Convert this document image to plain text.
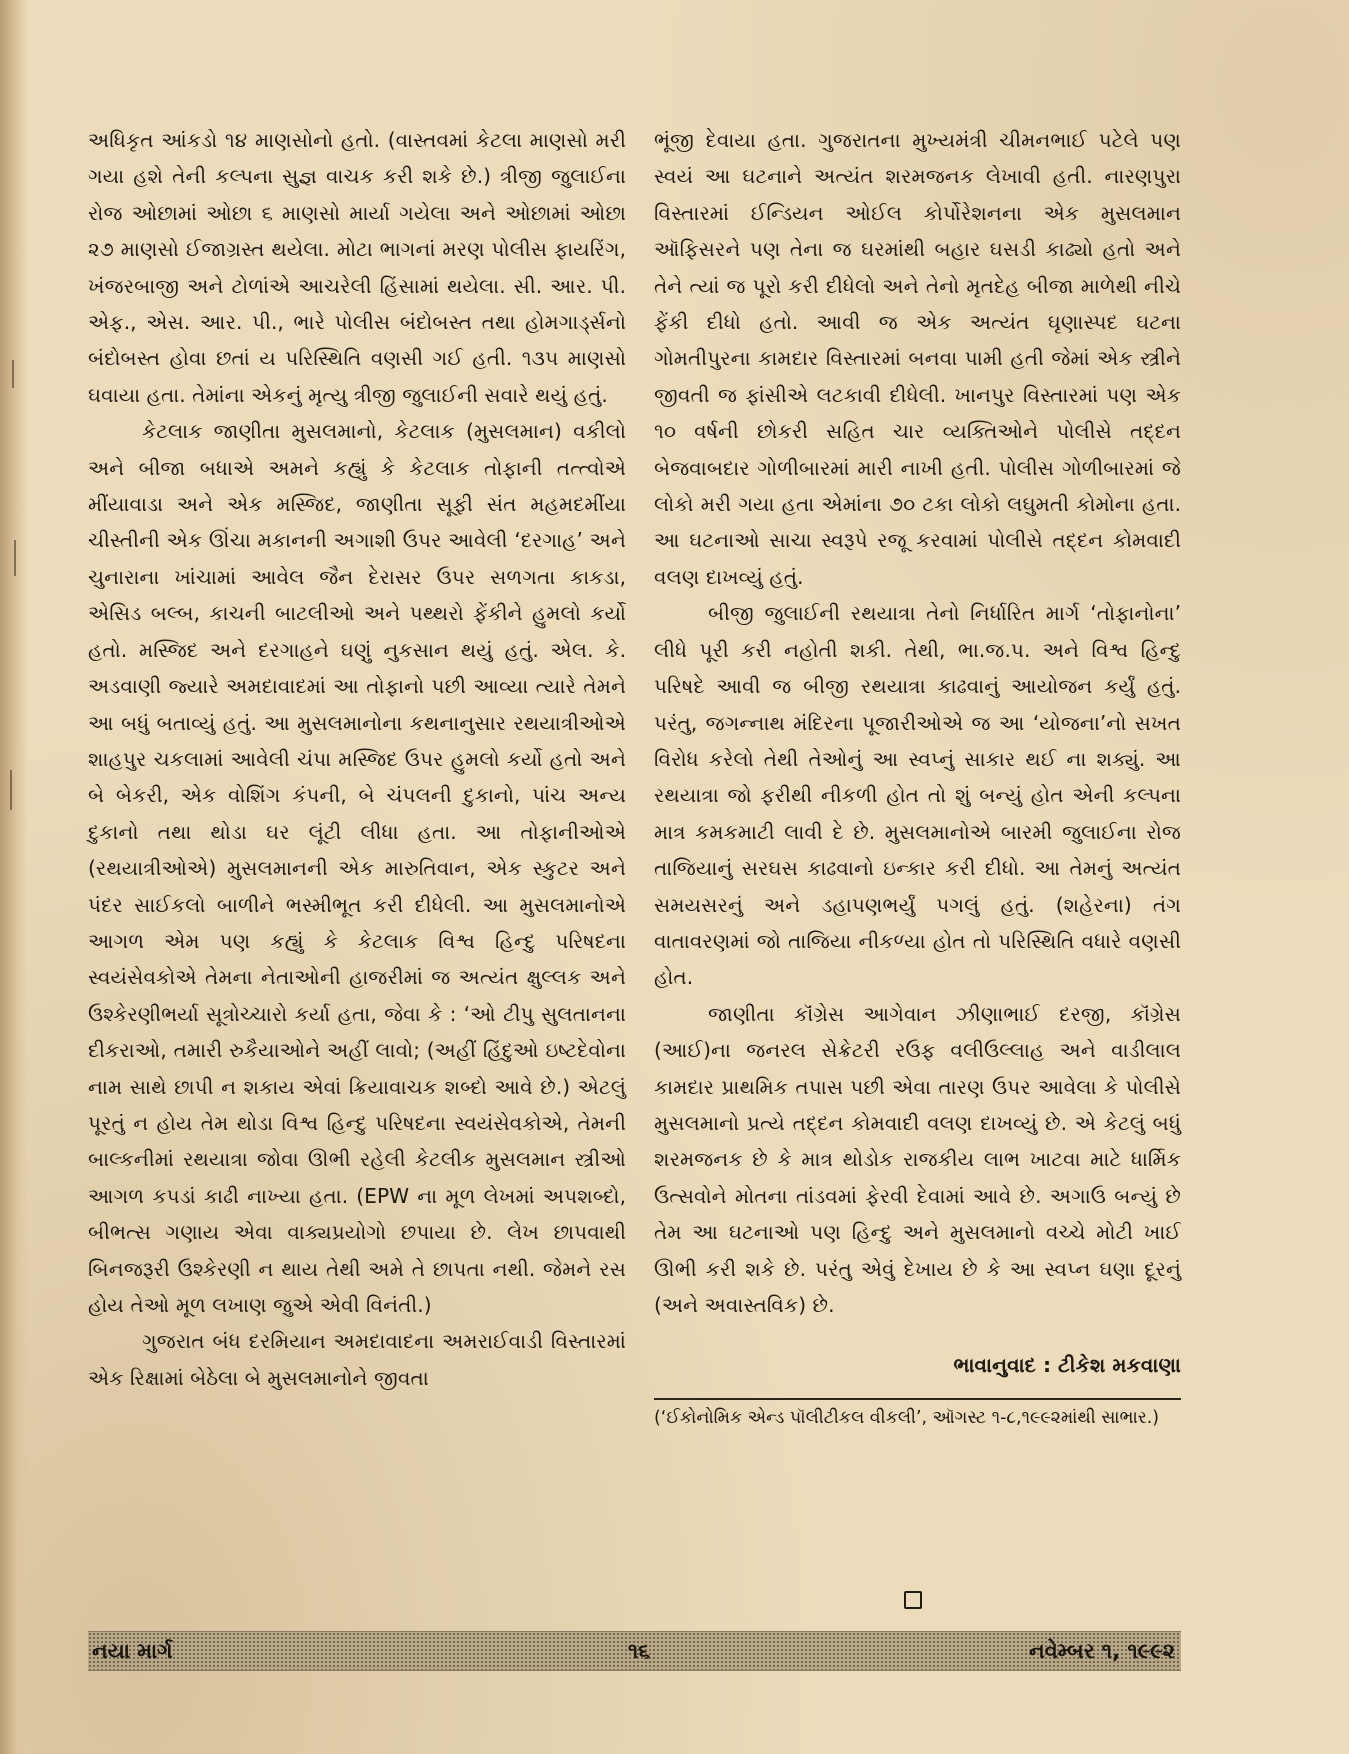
અધિકૃત આંકડો ૧૪ માણસોનો હતો. (વાસ્તવમાં કેટલા માણસો મરી ગયા હશે તેની કલ્પના સુજ્ઞ વાચક કરી શકે છે.) ત્રીજી જુલાઈના રોજ ઓછામાં ઓછા ૬ માણસો માર્યા ગયેલા અને ઓછામાં ઓછા ૨૭ માણસો ઈજાગ્રસ્ત થયેલા. મોટા ભાગનાં મરણ પોલીસ ફાયરિંગ, ખંજરબાજી અને ટોળાંએ આચરેલી હિંસામાં થયેલા. સી. આર. પી. એફ., એસ. આર. પી., ભારે પોલીસ બંદોબસ્ત તથા હોમગાર્ડ્સનો બંદોબસ્ત હોવા છતાં ય પરિસ્થિતિ વણસી ગઈ હતી. ૧૩૫ માણસો ઘવાયા હતા. તેમાંના એકનું મૃત્યુ ત્રીજી જુલાઈની સવારે થયું હતું.

કેટલાક જાણીતા મુસલમાનો, કેટલાક (મુસલમાન) વકીલો અને બીજા બધાએ અમને કહ્યું કે કેટલાક તોફાની તત્ત્વોએ મીંયાવાડા અને એક મસ્જિદ, જાણીતા સૂફી સંત મહમદમીંયા ચીસ્તીની એક ઊંચા મકાનની અગાશી ઉપર આવેલી ‘દરગાહ’ અને ચુનારાના ખાંચામાં આવેલ જૈન દેરાસર ઉપર સળગતા કાકડા, એસિડ બલ્બ, કાચની બાટલીઓ અને પથ્થરો ફેંકીને હુમલો કર્યો હતો. મસ્જિદ અને દરગાહને ઘણું નુકસાન થયું હતું. એલ. કે. અડવાણી જ્યારે અમદાવાદમાં આ તોફાનો પછી આવ્યા ત્યારે તેમને આ બધું બતાવ્યું હતું. આ મુસલમાનોના કથનાનુસાર રથયાત્રીઓએ શાહપુર ચકલામાં આવેલી ચંપા મસ્જિદ ઉપર હુમલો કર્યો હતો અને બે બેકરી, એક વોશિંગ કંપની, બે ચંપલની દુકાનો, પાંચ અન્ય દુકાનો તથા થોડા ઘર લૂંટી લીધા હતા. આ તોફાનીઓએ (રથયાત્રીઓએ) મુસલમાનની એક મારુતિવાન, એક સ્કુટર અને પંદર સાઈકલો બાળીને ભસ્મીભૂત કરી દીધેલી. આ મુસલમાનોએ આગળ એમ પણ કહ્યું કે કેટલાક વિશ્વ હિન્દુ પરિષદના સ્વયંસેવકોએ તેમના નેતાઓની હાજરીમાં જ અત્યંત ક્ષુલ્લક અને ઉશ્કેરણીભર્યા સૂત્રોચ્ચારો કર્યા હતા, જેવા કે : ‘ઓ ટીપુ સુલતાનના દીકરાઓ, તમારી રુકૈયાઓને અહીં લાવો; (અહીં હિંદુઓ ઇષ્ટદેવોના નામ સાથે છાપી ન શકાય એવાં ક્રિયાવાચક શબ્દો આવે છે.) એટલું પૂરતું ન હોય તેમ થોડા વિશ્વ હિન્દુ પરિષદના સ્વયંસેવકોએ, તેમની બાલ્કનીમાં રથયાત્રા જોવા ઊભી રહેલી કેટલીક મુસલમાન સ્ત્રીઓ આગળ કપડાં કાઢી નાખ્યા હતા. (EPW ના મૂળ લેખમાં અપશબ્દો, બીભત્સ ગણાય એવા વાક્યપ્રયોગો છપાયા છે. લેખ છાપવાથી બિનજરૂરી ઉશ્કેરણી ન થાય તેથી અમે તે છાપતા નથી. જેમને રસ હોય તેઓ મૂળ લખાણ જુએ એવી વિનંતી.)

ગુજરાત બંધ દરમિયાન અમદાવાદના અમરાઈવાડી વિસ્તારમાં એક રિક્ષામાં બેઠેલા બે મુસલમાનોને જીવતા

ભૂંજી દેવાયા હતા. ગુજરાતના મુખ્યમંત્રી ચીમનભાઈ પટેલે પણ સ્વયં આ ઘટનાને અત્યંત શરમજનક લેખાવી હતી. નારણપુરા વિસ્તારમાં ઈન્ડિયન ઓઈલ કોર્પોરેશનના એક મુસલમાન ઑફિસરને પણ તેના જ ઘરમાંથી બહાર ઘસડી કાઢ્યો હતો અને તેને ત્યાં જ પૂરો કરી દીધેલો અને તેનો મૃતદેહ બીજા માળેથી નીચે ફેંકી દીધો હતો. આવી જ એક અત્યંત ઘૃણાસ્પદ ઘટના ગોમતીપુરના કામદાર વિસ્તારમાં બનવા પામી હતી જેમાં એક સ્ત્રીને જીવતી જ ફાંસીએ લટકાવી દીધેલી. ખાનપુર વિસ્તારમાં પણ એક ૧૦ વર્ષની છોકરી સહિત ચાર વ્યક્તિઓને પોલીસે તદ્દન બેજવાબદાર ગોળીબારમાં મારી નાખી હતી. પોલીસ ગોળીબારમાં જે લોકો મરી ગયા હતા એમાંના ૭૦ ટકા લોકો લઘુમતી કોમોના હતા. આ ઘટનાઓ સાચા સ્વરૂપે રજૂ કરવામાં પોલીસે તદ્દન કોમવાદી વલણ દાખવ્યું હતું.

બીજી જુલાઈની રથયાત્રા તેનો નિર્ધારિત માર્ગ ‘તોફાનોના’ લીધે પૂરી કરી નહોતી શકી. તેથી, ભા.જ.પ. અને વિશ્વ હિન્દુ પરિષદે આવી જ બીજી રથયાત્રા કાઢવાનું આયોજન કર્યું હતું. પરંતુ, જગન્નાથ મંદિરના પૂજારીઓએ જ આ ‘યોજના’નો સખત વિરોધ કરેલો તેથી તેઓનું આ સ્વપ્નું સાકાર થઈ ના શક્યું. આ રથયાત્રા જો ફરીથી નીકળી હોત તો શું બન્યું હોત એની કલ્પના માત્ર કમકમાટી લાવી દે છે. મુસલમાનોએ બારમી જુલાઈના રોજ તાજિયાનું સરઘસ કાઢવાનો ઇન્કાર કરી દીધો. આ તેમનું અત્યંત સમયસરનું અને ડહાપણભર્યું પગલું હતું. (શહેરના) તંગ વાતાવરણમાં જો તાજિયા નીકળ્યા હોત તો પરિસ્થિતિ વધારે વણસી હોત.

જાણીતા કૉંગ્રેસ આગેવાન ઝીણાભાઈ દરજી, કૉંગ્રેસ (આઈ)ના જનરલ સેક્રેટરી રઉફ વલીઉલ્લાહ અને વાડીલાલ કામદાર પ્રાથમિક તપાસ પછી એવા તારણ ઉપર આવેલા કે પોલીસે મુસલમાનો પ્રત્યે તદ્દન કોમવાદી વલણ દાખવ્યું છે. એ કેટલું બધું શરમજનક છે કે માત્ર થોડોક રાજકીય લાભ ખાટવા માટે ધાર્મિક ઉત્સવોને મોતના તાંડવમાં ફેરવી દેવામાં આવે છે. અગાઉ બન્યું છે તેમ આ ઘટનાઓ પણ હિન્દુ અને મુસલમાનો વચ્ચે મોટી ખાઈ ઊભી કરી શકે છે. પરંતુ એવું દેખાય છે કે આ સ્વપ્ન ઘણા દૂરનું (અને અવાસ્તવિક) છે.

ભાવાનુવાદ : ટીકેશ મકવાણા

(‘ઈકોનોમિક એન્ડ પૉલીટીકલ વીકલી’, ઑગસ્ટ ૧-૮,૧૯૯૨માંથી સાભાર.)

નયા માર્ગ	૧૬	નવેમ્બર ૧, ૧૯૯૨
